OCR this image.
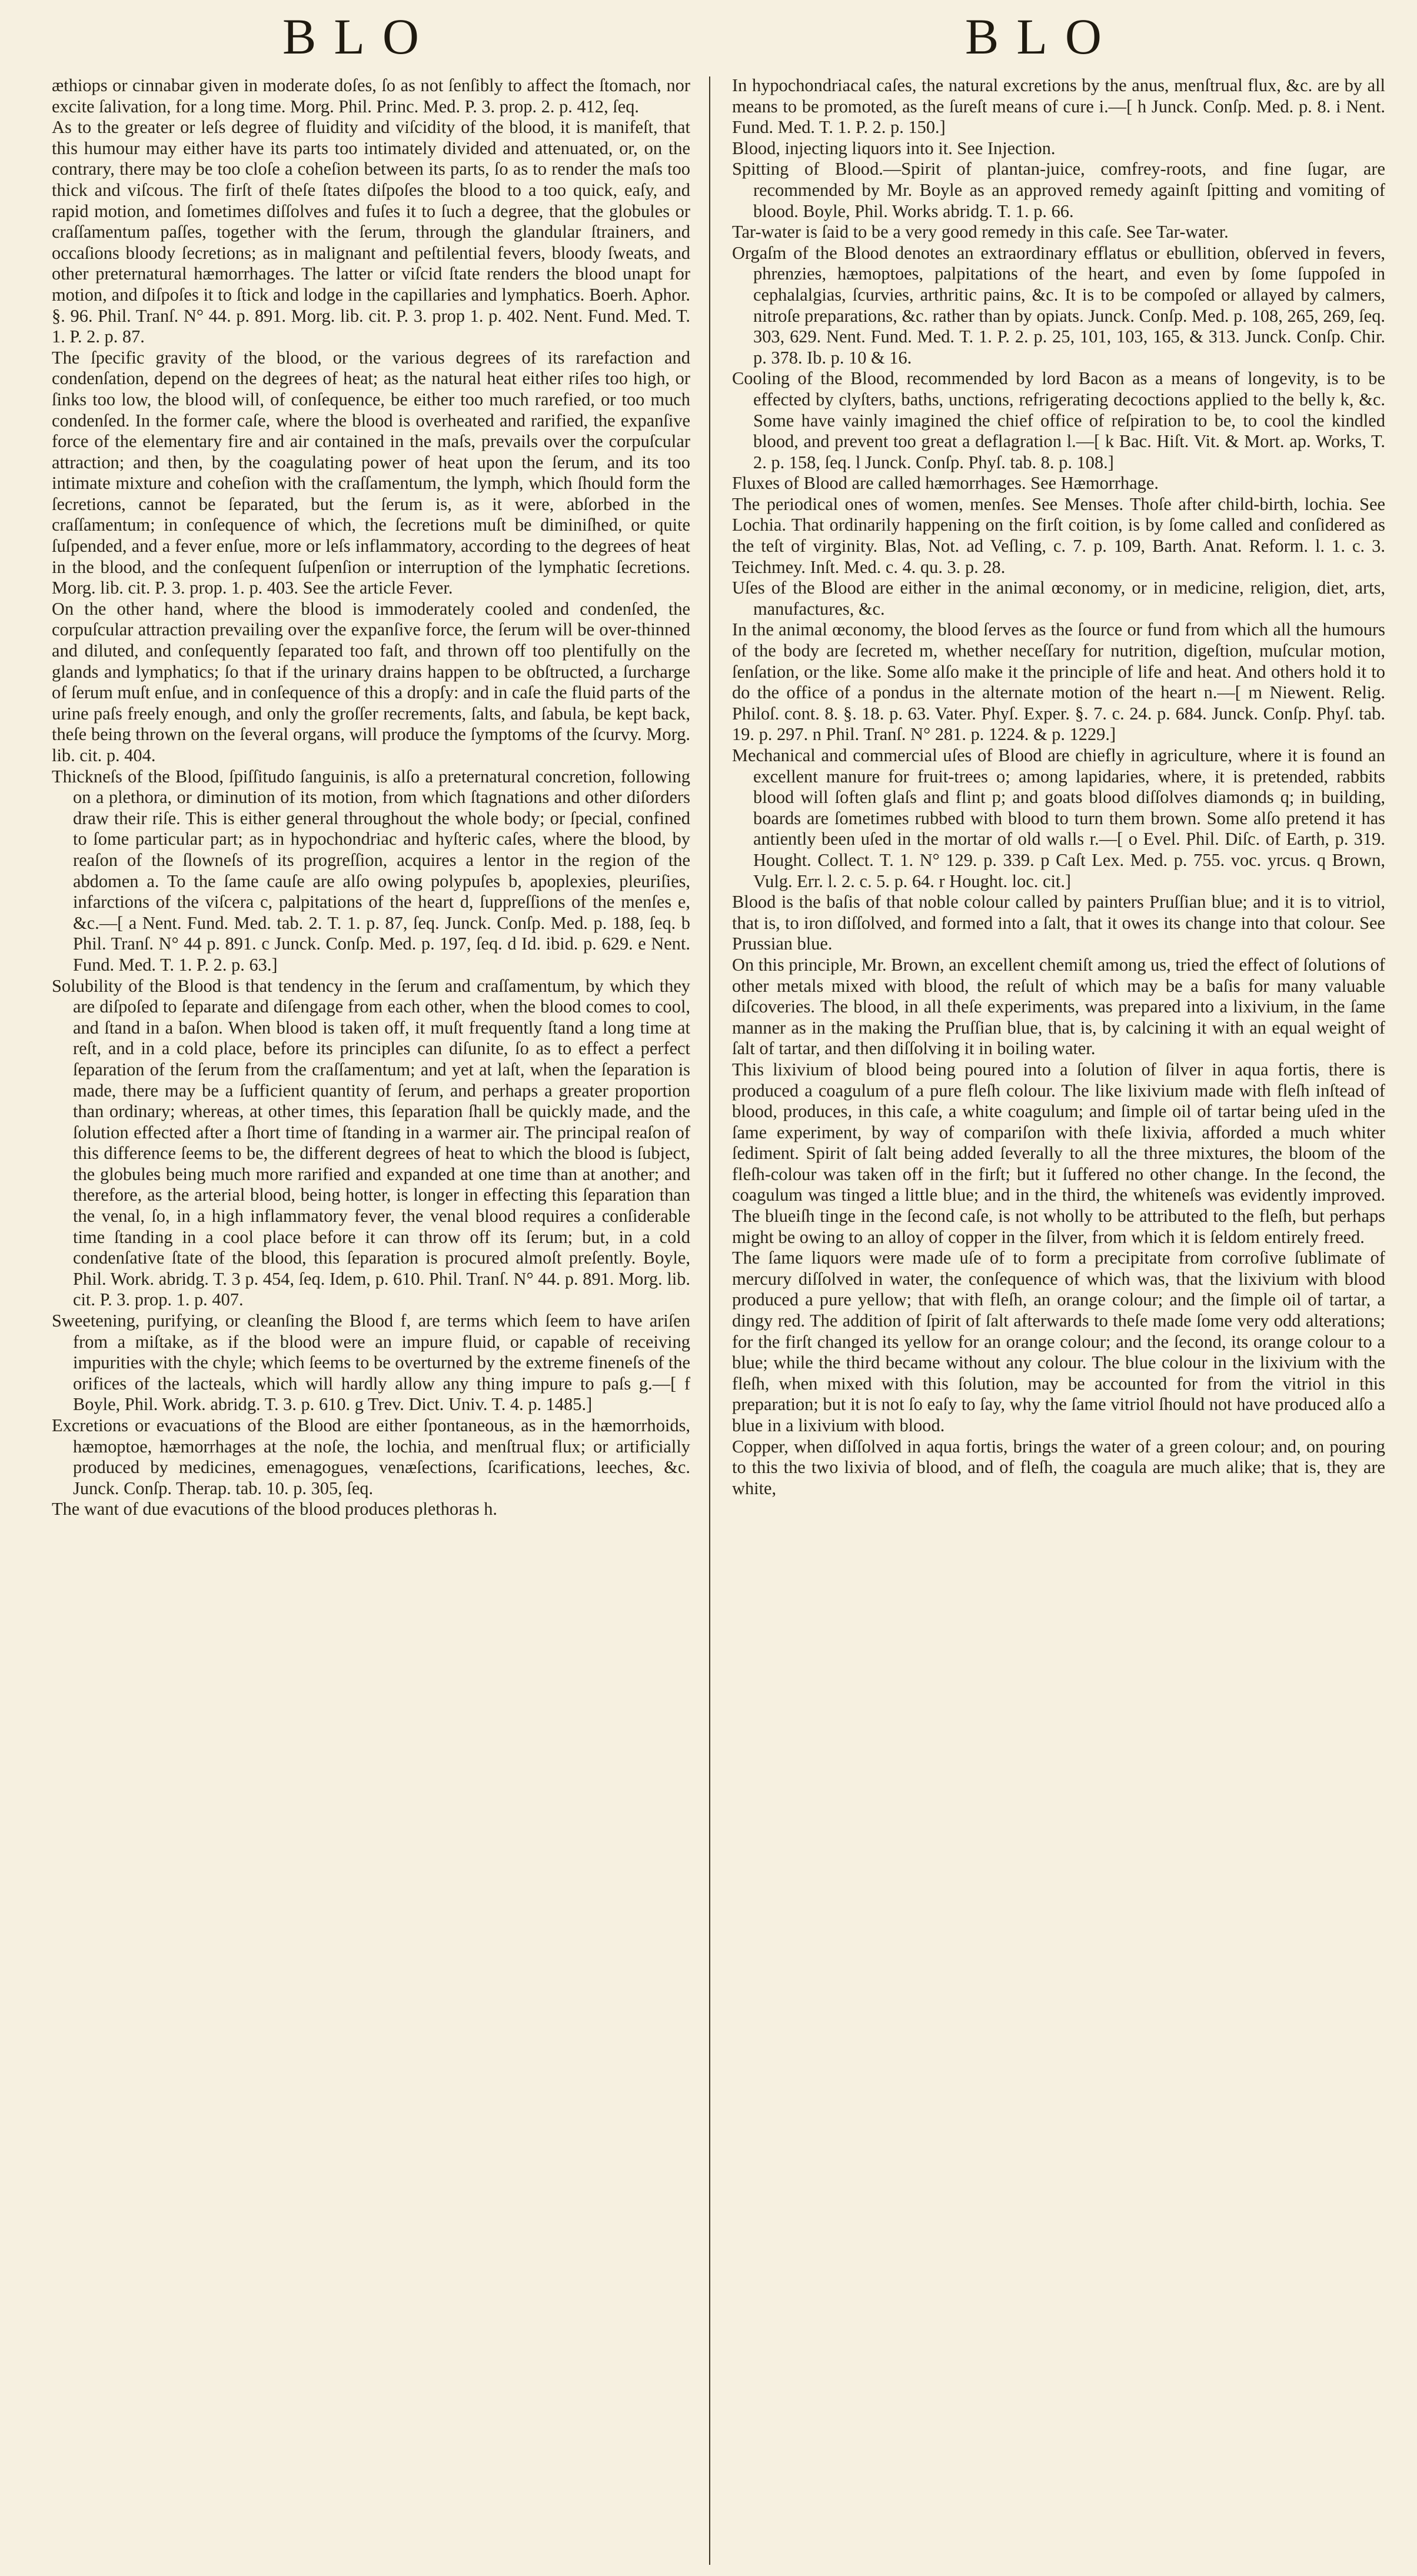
BLO	BLO

æthiops or cinnabar given in moderate doſes, ſo as not ſenſibly to affect the ſtomach, nor excite ſalivation, for a long time. Morg. Phil. Princ. Med. P. 3. prop. 2. p. 412, ſeq.

As to the greater or leſs degree of fluidity and viſcidity of the blood, it is manifeſt, that this humour may either have its parts too intimately divided and attenuated, or, on the contrary, there may be too cloſe a coheſion between its parts, ſo as to render the maſs too thick and viſcous. The firſt of theſe ſtates diſpoſes the blood to a too quick, eaſy, and rapid motion, and ſometimes diſſolves and fuſes it to ſuch a degree, that the globules or craſſamentum paſſes, together with the ſerum, through the glandular ſtrainers, and occaſions bloody ſecretions; as in malignant and peſtilential fevers, bloody ſweats, and other preternatural hæmorrhages. The latter or viſcid ſtate renders the blood unapt for motion, and diſpoſes it to ſtick and lodge in the capillaries and lymphatics. Boerh. Aphor. §. 96. Phil. Tranſ. N° 44. p. 891. Morg. lib. cit. P. 3. prop 1. p. 402. Nent. Fund. Med. T. 1. P. 2. p. 87.

The ſpecific gravity of the blood, or the various degrees of its rarefaction and condenſation, depend on the degrees of heat; as the natural heat either riſes too high, or ſinks too low, the blood will, of conſequence, be either too much rarefied, or too much condenſed. In the former caſe, where the blood is overheated and rarified, the expanſive force of the elementary fire and air contained in the maſs, prevails over the corpuſcular attraction; and then, by the coagulating power of heat upon the ſerum, and its too intimate mixture and coheſion with the craſſamentum, the lymph, which ſhould form the ſecretions, cannot be ſeparated, but the ſerum is, as it were, abſorbed in the craſſamentum; in conſequence of which, the ſecretions muſt be diminiſhed, or quite ſuſpended, and a fever enſue, more or leſs inflammatory, according to the degrees of heat in the blood, and the conſequent ſuſpenſion or interruption of the lymphatic ſecretions. Morg. lib. cit. P. 3. prop. 1. p. 403. See the article Fever.

On the other hand, where the blood is immoderately cooled and condenſed, the corpuſcular attraction prevailing over the expanſive force, the ſerum will be over-thinned and diluted, and conſequently ſeparated too faſt, and thrown off too plentifully on the glands and lymphatics; ſo that if the urinary drains happen to be obſtructed, a ſurcharge of ſerum muſt enſue, and in conſequence of this a dropſy: and in caſe the fluid parts of the urine paſs freely enough, and only the groſſer recrements, ſalts, and ſabula, be kept back, theſe being thrown on the ſeveral organs, will produce the ſymptoms of the ſcurvy. Morg. lib. cit. p. 404.

Thickneſs of the Blood, ſpiſſitudo ſanguinis, is alſo a preternatural concretion, following on a plethora, or diminution of its motion, from which ſtagnations and other diſorders draw their riſe. This is either general throughout the whole body; or ſpecial, confined to ſome particular part; as in hypochondriac and hyſteric caſes, where the blood, by reaſon of the ſlowneſs of its progreſſion, acquires a lentor in the region of the abdomen a. To the ſame cauſe are alſo owing polypuſes b, apoplexies, pleuriſies, infarctions of the viſcera c, palpitations of the heart d, ſuppreſſions of the menſes e, &c.—[ a Nent. Fund. Med. tab. 2. T. 1. p. 87, ſeq. Junck. Conſp. Med. p. 188, ſeq. b Phil. Tranſ. N° 44 p. 891. c Junck. Conſp. Med. p. 197, ſeq. d Id. ibid. p. 629. e Nent. Fund. Med. T. 1. P. 2. p. 63.]

Solubility of the Blood is that tendency in the ſerum and craſſamentum, by which they are diſpoſed to ſeparate and diſengage from each other, when the blood comes to cool, and ſtand in a baſon. When blood is taken off, it muſt frequently ſtand a long time at reſt, and in a cold place, before its principles can diſunite, ſo as to effect a perfect ſeparation of the ſerum from the craſſamentum; and yet at laſt, when the ſeparation is made, there may be a ſufficient quantity of ſerum, and perhaps a greater proportion than ordinary; whereas, at other times, this ſeparation ſhall be quickly made, and the ſolution effected after a ſhort time of ſtanding in a warmer air. The principal reaſon of this difference ſeems to be, the different degrees of heat to which the blood is ſubject, the globules being much more rarified and expanded at one time than at another; and therefore, as the arterial blood, being hotter, is longer in effecting this ſeparation than the venal, ſo, in a high inflammatory fever, the venal blood requires a conſiderable time ſtanding in a cool place before it can throw off its ſerum; but, in a cold condenſative ſtate of the blood, this ſeparation is procured almoſt preſently. Boyle, Phil. Work. abridg. T. 3 p. 454, ſeq. Idem, p. 610. Phil. Tranſ. N° 44. p. 891. Morg. lib. cit. P. 3. prop. 1. p. 407.

Sweetening, purifying, or cleanſing the Blood f, are terms which ſeem to have ariſen from a miſtake, as if the blood were an impure fluid, or capable of receiving impurities with the chyle; which ſeems to be overturned by the extreme fineneſs of the orifices of the lacteals, which will hardly allow any thing impure to paſs g.—[ f Boyle, Phil. Work. abridg. T. 3. p. 610. g Trev. Dict. Univ. T. 4. p. 1485.]

Excretions or evacuations of the Blood are either ſpontaneous, as in the hæmorrhoids, hæmoptoe, hæmorrhages at the noſe, the lochia, and menſtrual flux; or artificially produced by medicines, emenagogues, venæſections, ſcarifications, leeches, &c. Junck. Conſp. Therap. tab. 10. p. 305, ſeq.

The want of due evacutions of the blood produces plethoras h.

In hypochondriacal caſes, the natural excretions by the anus, menſtrual flux, &c. are by all means to be promoted, as the ſureſt means of cure i.—[ h Junck. Conſp. Med. p. 8. i Nent. Fund. Med. T. 1. P. 2. p. 150.]

Blood, injecting liquors into it. See Injection.

Spitting of Blood.—Spirit of plantan-juice, comfrey-roots, and fine ſugar, are recommended by Mr. Boyle as an approved remedy againſt ſpitting and vomiting of blood. Boyle, Phil. Works abridg. T. 1. p. 66.

Tar-water is ſaid to be a very good remedy in this caſe. See Tar-water.

Orgaſm of the Blood denotes an extraordinary efflatus or ebullition, obſerved in fevers, phrenzies, hæmoptoes, palpitations of the heart, and even by ſome ſuppoſed in cephalalgias, ſcurvies, arthritic pains, &c. It is to be compoſed or allayed by calmers, nitroſe preparations, &c. rather than by opiats. Junck. Conſp. Med. p. 108, 265, 269, ſeq. 303, 629. Nent. Fund. Med. T. 1. P. 2. p. 25, 101, 103, 165, & 313. Junck. Conſp. Chir. p. 378. Ib. p. 10 & 16.

Cooling of the Blood, recommended by lord Bacon as a means of longevity, is to be effected by clyſters, baths, unctions, refrigerating decoctions applied to the belly k, &c. Some have vainly imagined the chief office of reſpiration to be, to cool the kindled blood, and prevent too great a deflagration l.—[ k Bac. Hiſt. Vit. & Mort. ap. Works, T. 2. p. 158, ſeq. l Junck. Conſp. Phyſ. tab. 8. p. 108.]

Fluxes of Blood are called hæmorrhages. See Hæmorrhage.

The periodical ones of women, menſes. See Menses. Thoſe after child-birth, lochia. See Lochia. That ordinarily happening on the firſt coition, is by ſome called and conſidered as the teſt of virginity. Blas, Not. ad Veſling, c. 7. p. 109, Barth. Anat. Reform. l. 1. c. 3. Teichmey. Inſt. Med. c. 4. qu. 3. p. 28.

Uſes of the Blood are either in the animal œconomy, or in medicine, religion, diet, arts, manufactures, &c.

In the animal œconomy, the blood ſerves as the ſource or fund from which all the humours of the body are ſecreted m, whether neceſſary for nutrition, digeſtion, muſcular motion, ſenſation, or the like. Some alſo make it the principle of life and heat. And others hold it to do the office of a pondus in the alternate motion of the heart n.—[ m Niewent. Relig. Philoſ. cont. 8. §. 18. p. 63. Vater. Phyſ. Exper. §. 7. c. 24. p. 684. Junck. Conſp. Phyſ. tab. 19. p. 297. n Phil. Tranſ. N° 281. p. 1224. & p. 1229.]

Mechanical and commercial uſes of Blood are chiefly in agriculture, where it is found an excellent manure for fruit-trees o; among lapidaries, where, it is pretended, rabbits blood will ſoften glaſs and flint p; and goats blood diſſolves diamonds q; in building, boards are ſometimes rubbed with blood to turn them brown. Some alſo pretend it has antiently been uſed in the mortar of old walls r.—[ o Evel. Phil. Diſc. of Earth, p. 319. Hought. Collect. T. 1. N° 129. p. 339. p Caſt Lex. Med. p. 755. voc. yrcus. q Brown, Vulg. Err. l. 2. c. 5. p. 64. r Hought. loc. cit.]

Blood is the baſis of that noble colour called by painters Pruſſian blue; and it is to vitriol, that is, to iron diſſolved, and formed into a ſalt, that it owes its change into that colour. See Prussian blue.

On this principle, Mr. Brown, an excellent chemiſt among us, tried the effect of ſolutions of other metals mixed with blood, the reſult of which may be a baſis for many valuable diſcoveries. The blood, in all theſe experiments, was prepared into a lixivium, in the ſame manner as in the making the Pruſſian blue, that is, by calcining it with an equal weight of ſalt of tartar, and then diſſolving it in boiling water.

This lixivium of blood being poured into a ſolution of ſilver in aqua fortis, there is produced a coagulum of a pure fleſh colour. The like lixivium made with fleſh inſtead of blood, produces, in this caſe, a white coagulum; and ſimple oil of tartar being uſed in the ſame experiment, by way of compariſon with theſe lixivia, afforded a much whiter ſediment. Spirit of ſalt being added ſeverally to all the three mixtures, the bloom of the fleſh-colour was taken off in the firſt; but it ſuffered no other change. In the ſecond, the coagulum was tinged a little blue; and in the third, the whiteneſs was evidently improved. The blueiſh tinge in the ſecond caſe, is not wholly to be attributed to the fleſh, but perhaps might be owing to an alloy of copper in the ſilver, from which it is ſeldom entirely freed.

The ſame liquors were made uſe of to form a precipitate from corroſive ſublimate of mercury diſſolved in water, the conſequence of which was, that the lixivium with blood produced a pure yellow; that with fleſh, an orange colour; and the ſimple oil of tartar, a dingy red. The addition of ſpirit of ſalt afterwards to theſe made ſome very odd alterations; for the firſt changed its yellow for an orange colour; and the ſecond, its orange colour to a blue; while the third became without any colour. The blue colour in the lixivium with the fleſh, when mixed with this ſolution, may be accounted for from the vitriol in this preparation; but it is not ſo eaſy to ſay, why the ſame vitriol ſhould not have produced alſo a blue in a lixivium with blood.

Copper, when diſſolved in aqua fortis, brings the water of a green colour; and, on pouring to this the two lixivia of blood, and of fleſh, the coagula are much alike; that is, they are white,
